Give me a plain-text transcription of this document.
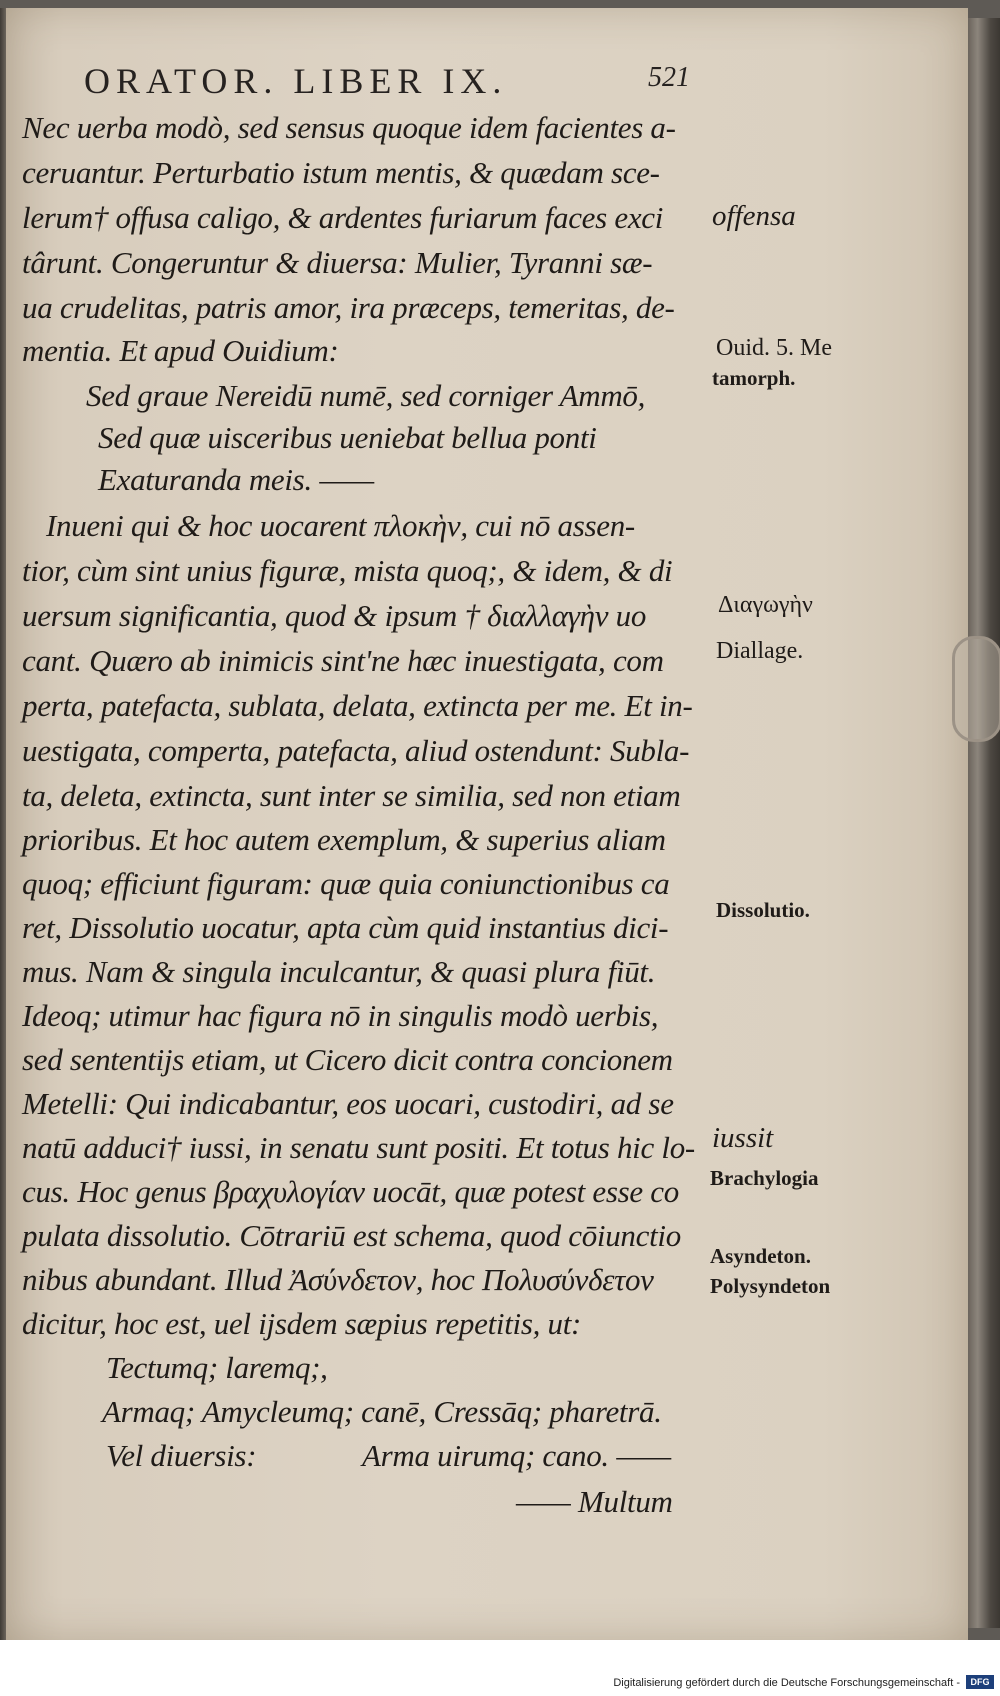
ORATOR. LIBER IX.	521
Nec uerba modò, sed sensus quoque idem facientes a-
ceruantur. Perturbatio istum mentis, & quædam sce-
lerum† offusa caligo, & ardentes furiarum faces exci
târunt. Congeruntur & diuersa: Mulier, Tyranni sæ-
ua crudelitas, patris amor, ira præceps, temeritas, de-
mentia. Et apud Ouidium:
Sed graue Nereidū numē, sed corniger Ammō,
Sed quæ uisceribus ueniebat bellua ponti
Exaturanda meis. ——
Inueni qui & hoc uocarent πλοκὴν, cui nō assen-
tior, cùm sint unius figuræ, mista quoq;, & idem, & di
uersum significantia, quod & ipsum † διαλλαγὴν uo
cant. Quæro ab inimicis sint'ne hæc inuestigata, com
perta, patefacta, sublata, delata, extincta per me. Et in-
uestigata, comperta, patefacta, aliud ostendunt: Subla-
ta, deleta, extincta, sunt inter se similia, sed non etiam
prioribus. Et hoc autem exemplum, & superius aliam
quoq; efficiunt figuram: quæ quia coniunctionibus ca
ret, Dissolutio uocatur, apta cùm quid instantius dici-
mus. Nam & singula inculcantur, & quasi plura fiūt.
Ideoq; utimur hac figura nō in singulis modò uerbis,
sed sententijs etiam, ut Cicero dicit contra concionem
Metelli: Qui indicabantur, eos uocari, custodiri, ad se
natū adduci† iussi, in senatu sunt positi. Et totus hic lo-
cus. Hoc genus βραχυλογίαν uocāt, quæ potest esse co
pulata dissolutio. Cōtrariū est schema, quod cōiunctio
nibus abundant. Illud Ἀσύνδετον, hoc Πολυσύνδετον
dicitur, hoc est, uel ijsdem sæpius repetitis, ut:
Tectumq; laremq;,
Armaq; Amycleumq; canē, Cressāq; pharetrā.
Vel diuersis:	Arma uirumq; cano. ——
—— Multum
offensa
Ouid. 5. Me
tamorph.
Διαγωγὴν
Diallage.
Dissolutio.
iussit
Brachylogia
Asyndeton.
Polysyndeton
Digitalisierung gefördert durch die Deutsche Forschungsgemeinschaft -	DFG
